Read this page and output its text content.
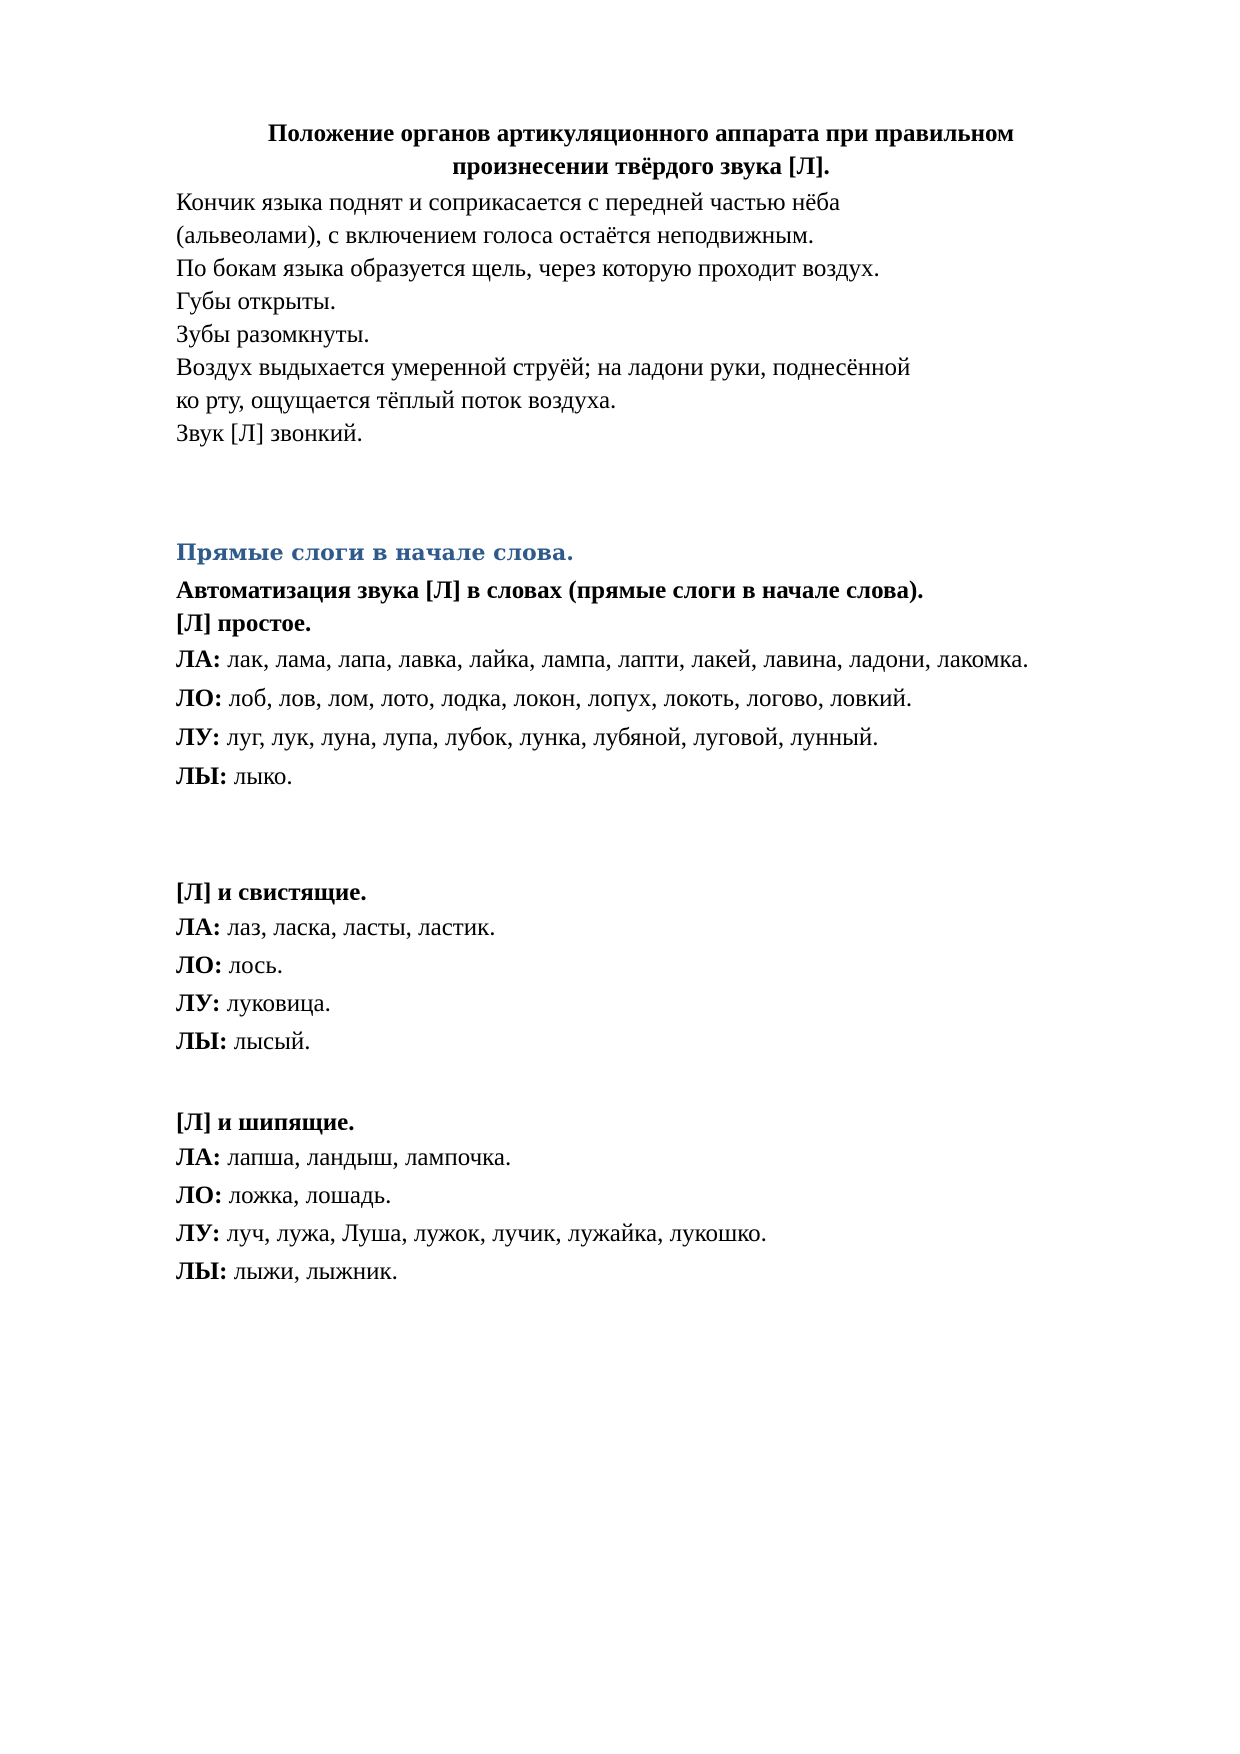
Положение органов артикуляционного аппарата при правильном
произнесении твёрдого звука [Л].
Кончик языка поднят и соприкасается с передней частью нёба
(альвеолами), с включением голоса остаётся неподвижным.
По бокам языка образуется щель, через которую проходит воздух.
Губы открыты.
Зубы разомкнуты.
Воздух выдыхается умеренной струёй; на ладони руки, поднесённой
ко рту, ощущается тёплый поток воздуха.
Звук [Л] звонкий.
Прямые слоги в начале слова.
Автоматизация звука [Л] в словах (прямые слоги в начале слова).
[Л] простое.
ЛА: лак, лама, лапа, лавка, лайка, лампа, лапти, лакей, лавина, ладони, лакомка.
ЛО: лоб, лов, лом, лото, лодка, локон, лопух, локоть, логово, ловкий.
ЛУ: луг, лук, луна, лупа, лубок, лунка, лубяной, луговой, лунный.
ЛЫ: лыко.
[Л] и свистящие.
ЛА: лаз, ласка, ласты, ластик.
ЛО: лось.
ЛУ: луковица.
ЛЫ: лысый.
[Л] и шипящие.
ЛА: лапша, ландыш, лампочка.
ЛО: ложка, лошадь.
ЛУ: луч, лужа, Луша, лужок, лучик, лужайка, лукошко.
ЛЫ: лыжи, лыжник.
